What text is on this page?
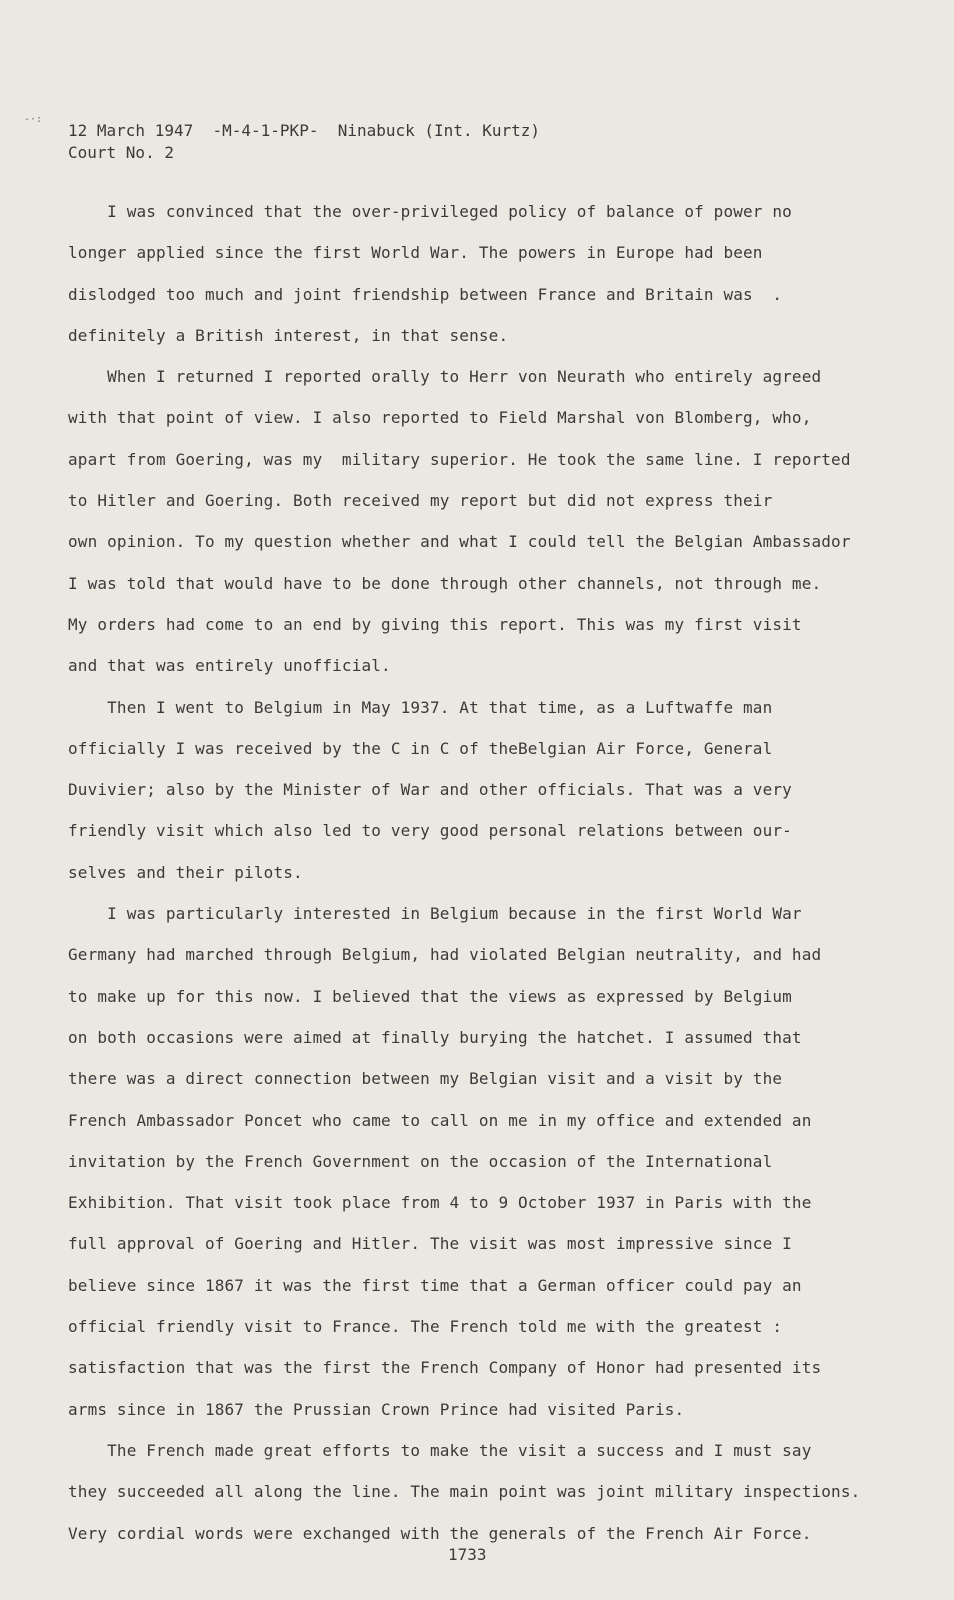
-·:
12 March 1947  -M-4-1-PKP-  Ninabuck (Int. Kurtz)
Court No. 2
I was convinced that the over-privileged policy of balance of power no
longer applied since the first World War. The powers in Europe had been
dislodged too much and joint friendship between France and Britain was  .
definitely a British interest, in that sense.
When I returned I reported orally to Herr von Neurath who entirely agreed
with that point of view. I also reported to Field Marshal von Blomberg, who,
apart from Goering, was my  military superior. He took the same line. I reported
to Hitler and Goering. Both received my report but did not express their
own opinion. To my question whether and what I could tell the Belgian Ambassador
I was told that would have to be done through other channels, not through me.
My orders had come to an end by giving this report. This was my first visit
and that was entirely unofficial.
Then I went to Belgium in May 1937. At that time, as a Luftwaffe man
officially I was received by the C in C of theBelgian Air Force, General
Duvivier; also by the Minister of War and other officials. That was a very
friendly visit which also led to very good personal relations between our-
selves and their pilots.
I was particularly interested in Belgium because in the first World War
Germany had marched through Belgium, had violated Belgian neutrality, and had
to make up for this now. I believed that the views as expressed by Belgium
on both occasions were aimed at finally burying the hatchet. I assumed that
there was a direct connection between my Belgian visit and a visit by the
French Ambassador Poncet who came to call on me in my office and extended an
invitation by the French Government on the occasion of the International
Exhibition. That visit took place from 4 to 9 October 1937 in Paris with the
full approval of Goering and Hitler. The visit was most impressive since I
believe since 1867 it was the first time that a German officer could pay an
official friendly visit to France. The French told me with the greatest :
satisfaction that was the first the French Company of Honor had presented its
arms since in 1867 the Prussian Crown Prince had visited Paris.
The French made great efforts to make the visit a success and I must say
they succeeded all along the line. The main point was joint military inspections.
Very cordial words were exchanged with the generals of the French Air Force.
1733
